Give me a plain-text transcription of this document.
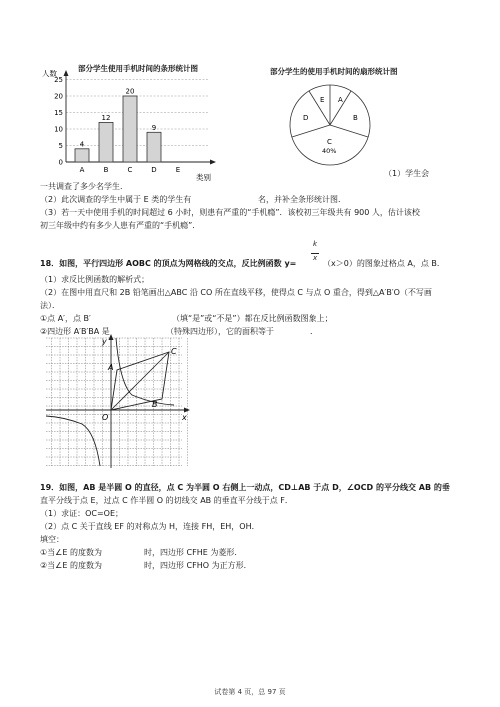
部分学生使用手机时间的条形统计图
0
5
10
15
20
25
人数
类别
4
A
12
B
20
C
9
D	E
部分学生的使用手机时间的扇形统计图
A
E
B
D
C
40%
（1）学生会
一共调查了多少名学生．
（2）此次调查的学生中属于 E 类的学生有	名，并补全条形统计图．
（3）若一天中使用手机的时间超过 6 小时，则患有严重的“手机瘾”．该校初三年级共有 900 人，估计该校
初三年级中约有多少人患有严重的“手机瘾”．
18．如图，平行四边形 AOBC 的顶点为网格线的交点，反比例函数 y=
k
x
（x＞0）的图象过格点 A，点 B．
（1）求反比例函数的解析式；
（2）在图中用直尺和 2B 铅笔画出△ABC 沿 CO 所在直线平移，使得点 C 与点 O 重合，得到△A′B′O（不写画
法）．
①点 A′，点 B′	（填“是”或“不是”）都在反比例函数图象上；
②四边形 A′B′BA 是	（特殊四边形），它的面积等于	．
y
x
A
B
C
O
19．如图，AB 是半圆 O 的直径，点 C 为半圆 O 右侧上一动点，CD⊥AB 于点 D，∠OCD 的平分线交 AB 的垂
直平分线于点 E，过点 C 作半圆 O 的切线交 AB 的垂直平分线于点 F．
（1）求证：OC=OE；
（2）点 C 关于直线 EF 的对称点为 H，连接 FH，EH，OH．
填空：
①当∠E 的度数为	时，四边形 CFHE 为菱形．
②当∠E 的度数为	时，四边形 CFHO 为正方形．
试卷第 4 页，总 97 页
